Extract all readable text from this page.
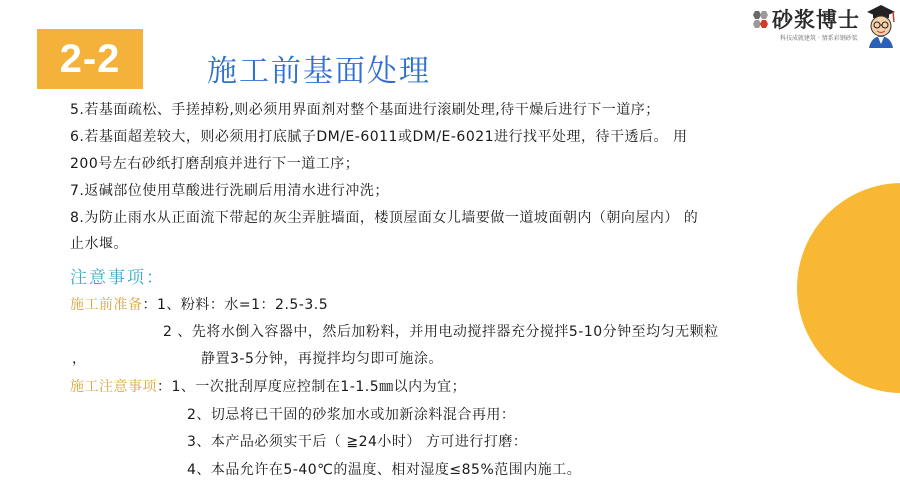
2-2	施工前基面处理
砂浆博士
科技成就建筑 · 情系彩钢砂浆
5.若基面疏松、手搓掉粉,则必须用界面剂对整个基面进行滚刷处理,待干燥后进行下一道序；
6.若基面超差较大，则必须用打底腻子DM/E-6011或DM/E-6021进行找平处理，待干透后。 用
200号左右砂纸打磨刮痕并进行下一道工序；
7.返碱部位使用草酸进行洗刷后用清水进行冲洗；
8.为防止雨水从正面流下带起的灰尘弄脏墙面，楼顶屋面女儿墙要做一道坡面朝内（朝向屋内） 的
止水堰。
注意事项：
施工前准备：1、粉料：水=1：2.5-3.5
2 、先将水倒入容器中，然后加粉料，并用电动搅拌器充分搅拌5-10分钟至均匀无颗粒
，	静置3-5分钟，再搅拌均匀即可施涂。
施工注意事项：1、一次批刮厚度应控制在1-1.5㎜以内为宜；
2、切忌将已干固的砂浆加水或加新涂料混合再用：
3、本产品必须实干后（ ≧24小时） 方可进行打磨：
4、本品允许在5-40℃的温度、相对湿度≤85%范围内施工。
